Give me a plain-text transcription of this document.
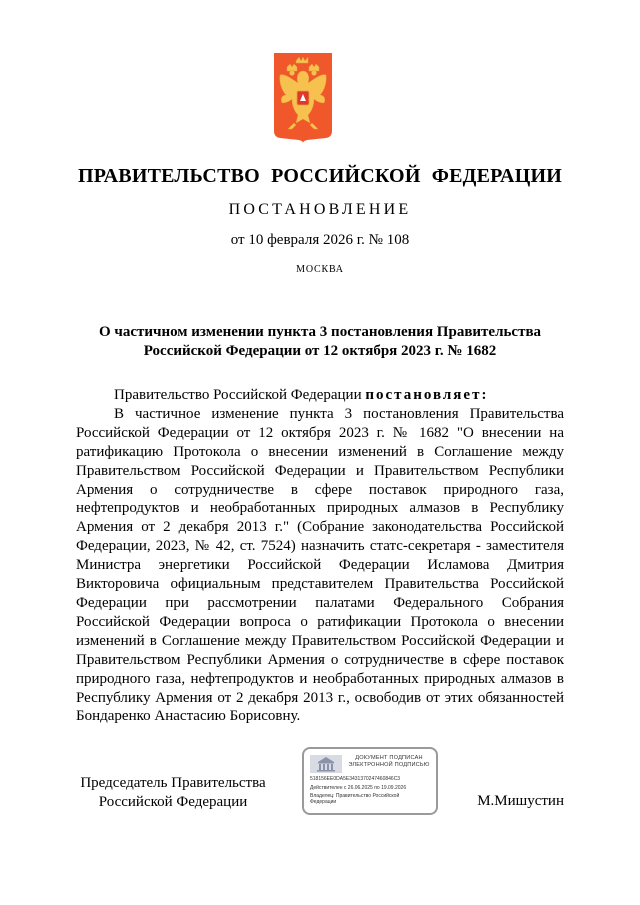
ПРАВИТЕЛЬСТВО РОССИЙСКОЙ ФЕДЕРАЦИИ
ПОСТАНОВЛЕНИЕ
от 10 февраля 2026 г. № 108
МОСКВА
О частичном изменении пункта 3 постановления Правительства
Российской Федерации от 12 октября 2023 г. № 1682

Правительство Российской Федерации постановляет:

В частичное изменение пункта 3 постановления Правительства Российской Федерации от 12 октября 2023 г. № 1682 "О внесении на ратификацию Протокола о внесении изменений в Соглашение между Правительством Российской Федерации и Правительством Республики Армения о сотрудничестве в сфере поставок природного газа, нефтепродуктов и необработанных природных алмазов в Республику Армения от 2 декабря 2013 г." (Собрание законодательства Российской Федерации, 2023, № 42, ст. 7524) назначить статс-секретаря - заместителя Министра энергетики Российской Федерации Исламова Дмитрия Викторовича официальным представителем Правительства Российской Федерации при рассмотрении палатами Федерального Собрания Российской Федерации вопроса о ратификации Протокола о внесении изменений в Соглашение между Правительством Российской Федерации и Правительством Республики Армения о сотрудничестве в сфере поставок природного газа, нефтепродуктов и необработанных природных алмазов в Республику Армения от 2 декабря 2013 г., освободив от этих обязанностей Бондаренко Анастасию Борисовну.

Председатель Правительства
Российской Федерации
ДОКУМЕНТ ПОДПИСАН
ЭЛЕКТРОННОЙ ПОДПИСЬЮ
518156EE0DA5E3431370247460846C3
Действителен с 26.06.2025 по 19.09.2026
Владелец: Правительство Российской
Федерации	М.Мишустин
